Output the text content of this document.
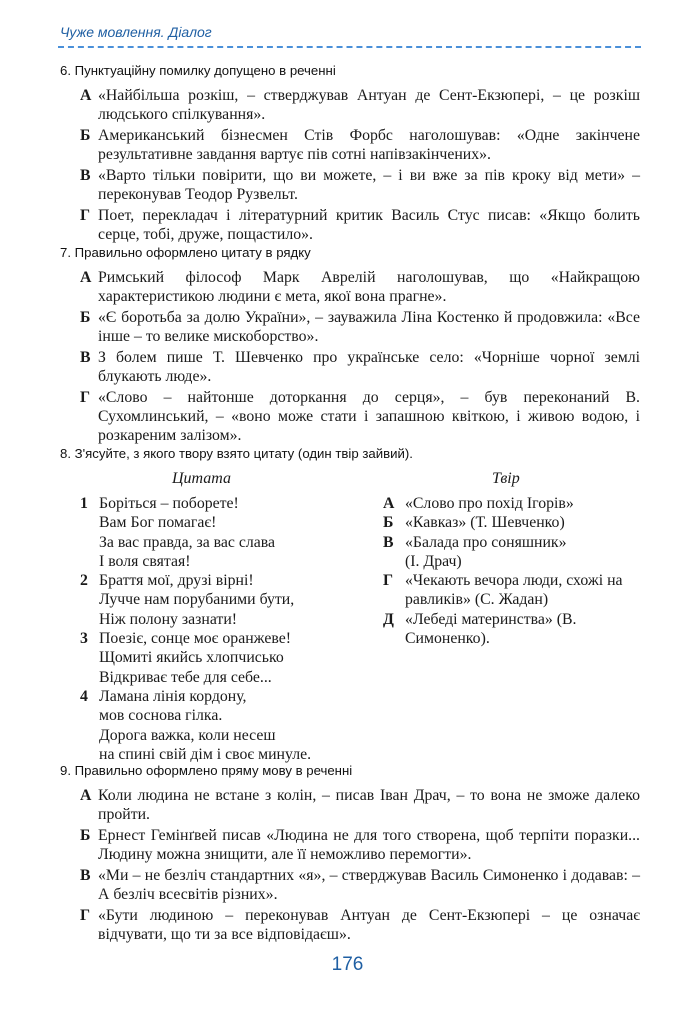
Чуже мовлення. Діалог
6. Пунктуаційну помилку допущено в реченні
А «Найбільша розкіш, – стверджував Антуан де Сент-Екзюпері, – це розкіш людського спілкування».
Б Американський бізнесмен Стів Форбс наголошував: «Одне закінчене результативне завдання вартує пів сотні напівзакінчених».
В «Варто тільки повірити, що ви можете, – і ви вже за пів кроку від мети» – переконував Теодор Рузвельт.
Г Поет, перекладач і літературний критик Василь Стус писав: «Якщо болить серце, тобі, друже, пощастило».
7. Правильно оформлено цитату в рядку
А Римський філософ Марк Аврелій наголошував, що «Найкращою характеристикою людини є мета, якої вона прагне».
Б «Є боротьба за долю України», – зауважила Ліна Костенко й продовжила: «Все інше – то велике мискоборство».
В З болем пише Т. Шевченко про українське село: «Чорніше чорної землі блукають люде».
Г «Слово – найтонше доторкання до серця», – був переконаний В. Сухомлинський, – «воно може стати і запашною квіткою, і живою водою, і розкареним залізом».
8. З'ясуйте, з якого твору взято цитату (один твір зайвий).
Цитата	Твір
1 Боріться – поборете!
Вам Бог помагає!
За вас правда, за вас слава
І воля святая!
2 Браття мої, друзі вірні!
Лучче нам порубаними бути,
Ніж полону зазнати!
3 Поезіє, сонце моє оранжеве!
Щомиті якийсь хлопчисько
Відкриває тебе для себе...
4 Ламана лінія кордону,
мов соснова гілка.
Дорога важка, коли несеш
на спині свій дім і своє минуле.
А «Слово про похід Ігорів»
Б «Кавказ» (Т. Шевченко)
В «Балада про соняшник»
(І. Драч)
Г «Чекають вечора люди, схожі на равликів» (С. Жадан)
Д «Лебеді материнства» (В. Симоненко).
9. Правильно оформлено пряму мову в реченні
А Коли людина не встане з колін, – писав Іван Драч, – то вона не зможе далеко пройти.
Б Ернест Гемінґвей писав «Людина не для того створена, щоб терпіти поразки... Людину можна знищити, але її неможливо перемогти».
В «Ми – не безліч стандартних «я», – стверджував Василь Симоненко і додавав: – А безліч всесвітів різних».
Г «Бути людиною – переконував Антуан де Сент-Екзюпері – це означає відчувати, що ти за все відповідаєш».
176
